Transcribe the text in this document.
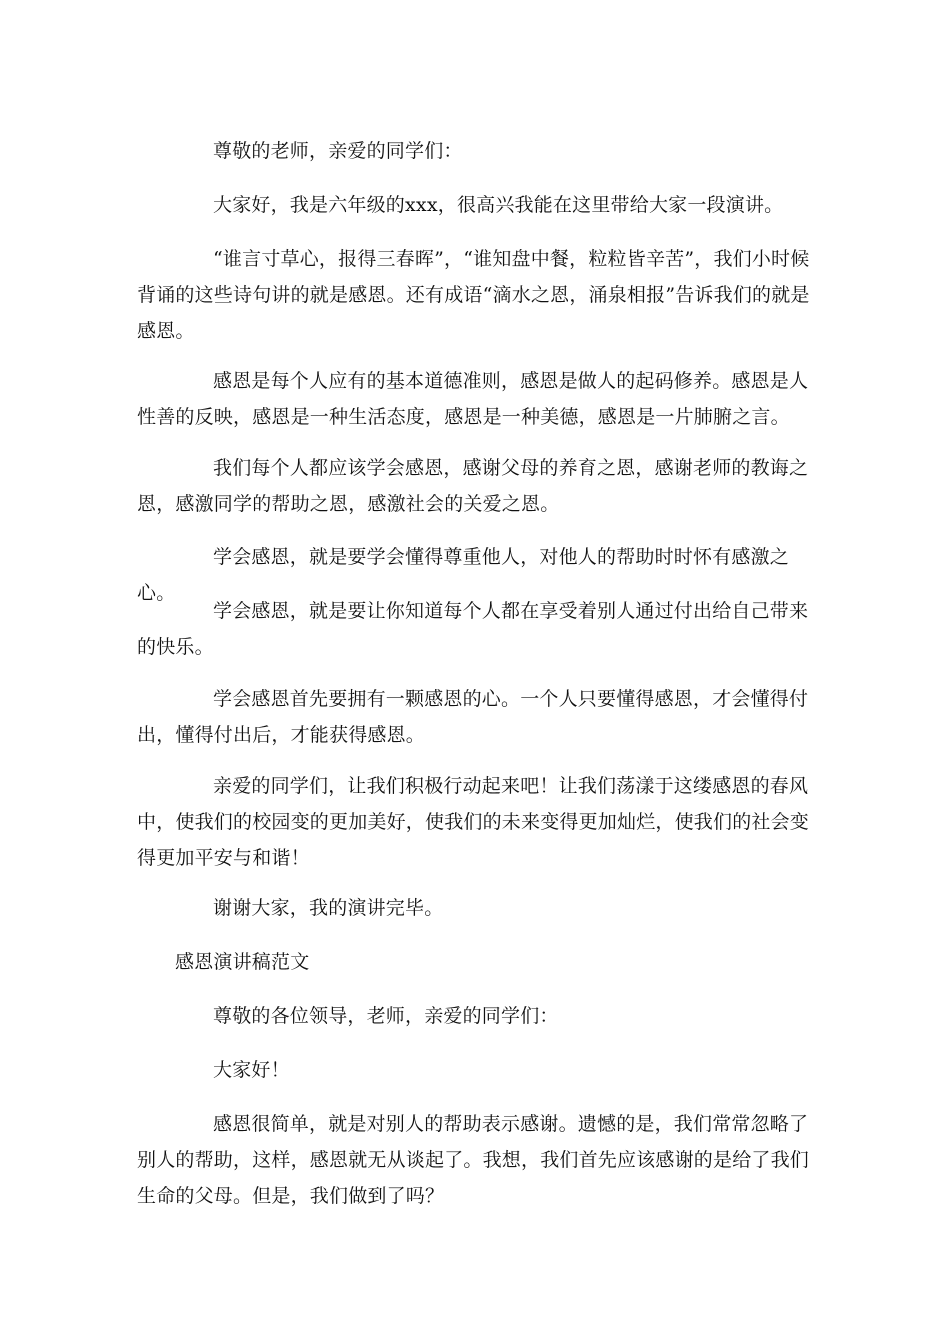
尊敬的老师，亲爱的同学们：

大家好，我是六年级的xxx，很高兴我能在这里带给大家一段演讲。

“谁言寸草心，报得三春晖”，“谁知盘中餐，粒粒皆辛苦”，我们小时候背诵的这些诗句讲的就是感恩。还有成语“滴水之恩，涌泉相报”告诉我们的就是感恩。

感恩是每个人应有的基本道德准则，感恩是做人的起码修养。感恩是人性善的反映，感恩是一种生活态度，感恩是一种美德，感恩是一片肺腑之言。

我们每个人都应该学会感恩，感谢父母的养育之恩，感谢老师的教诲之恩，感激同学的帮助之恩，感激社会的关爱之恩。

学会感恩，就是要学会懂得尊重他人，对他人的帮助时时怀有感激之心。

学会感恩，就是要让你知道每个人都在享受着别人通过付出给自己带来的快乐。

学会感恩首先要拥有一颗感恩的心。一个人只要懂得感恩，才会懂得付出，懂得付出后，才能获得感恩。

亲爱的同学们，让我们积极行动起来吧！让我们荡漾于这缕感恩的春风中，使我们的校园变的更加美好，使我们的未来变得更加灿烂，使我们的社会变得更加平安与和谐！

谢谢大家，我的演讲完毕。

感恩演讲稿范文

尊敬的各位领导，老师，亲爱的同学们：

大家好！

感恩很简单，就是对别人的帮助表示感谢。遗憾的是，我们常常忽略了别人的帮助，这样，感恩就无从谈起了。我想，我们首先应该感谢的是给了我们生命的父母。但是，我们做到了吗？
